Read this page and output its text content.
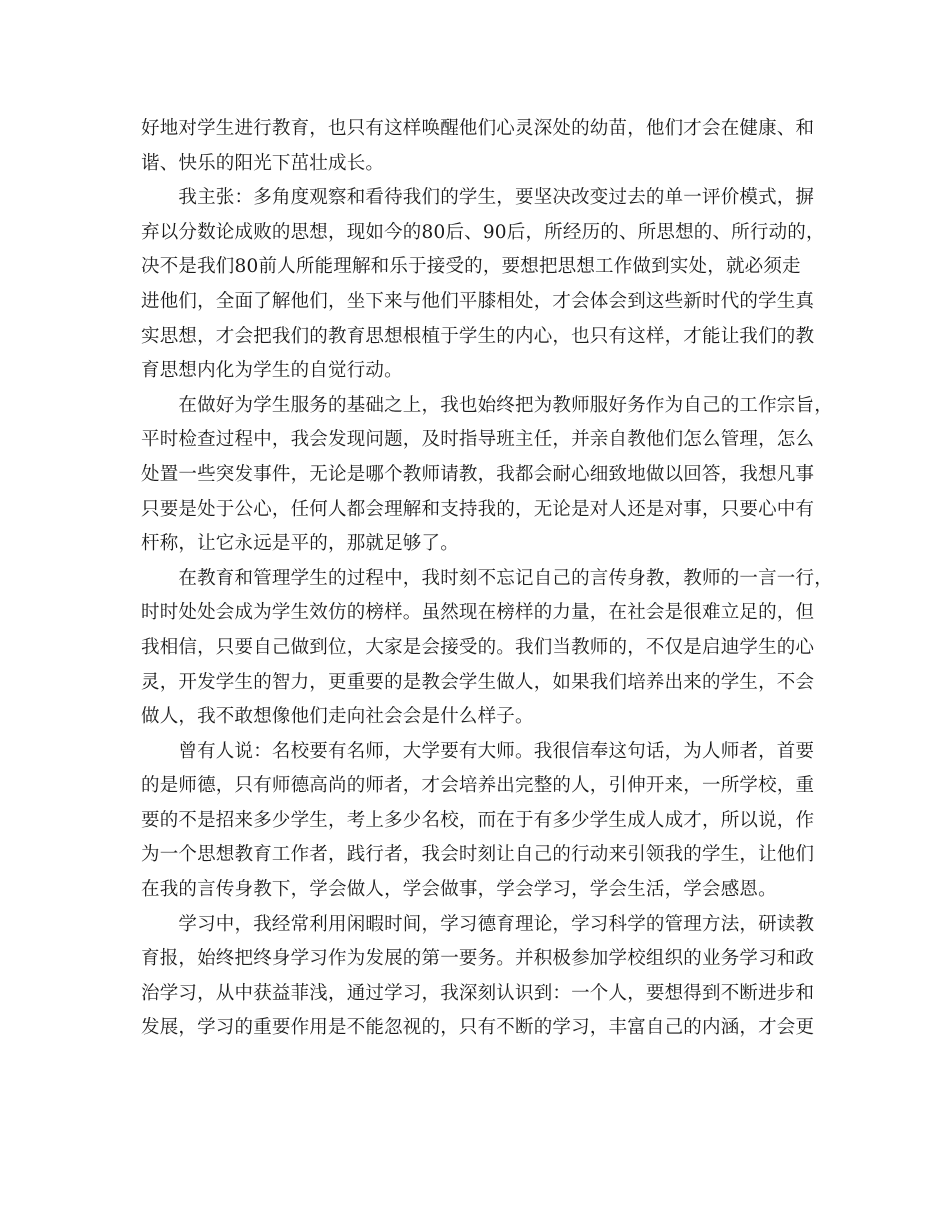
好地对学生进行教育，也只有这样唤醒他们心灵深处的幼苗，他们才会在健康、和
谐、快乐的阳光下茁壮成长。
　　我主张：多角度观察和看待我们的学生，要坚决改变过去的单一评价模式，摒
弃以分数论成败的思想，现如今的80后、90后，所经历的、所思想的、所行动的，
决不是我们80前人所能理解和乐于接受的，要想把思想工作做到实处，就必须走
进他们，全面了解他们，坐下来与他们平膝相处，才会体会到这些新时代的学生真
实思想，才会把我们的教育思想根植于学生的内心，也只有这样，才能让我们的教
育思想内化为学生的自觉行动。
　　在做好为学生服务的基础之上，我也始终把为教师服好务作为自己的工作宗旨，
平时检查过程中，我会发现问题，及时指导班主任，并亲自教他们怎么管理，怎么
处置一些突发事件，无论是哪个教师请教，我都会耐心细致地做以回答，我想凡事
只要是处于公心，任何人都会理解和支持我的，无论是对人还是对事，只要心中有
杆称，让它永远是平的，那就足够了。
　　在教育和管理学生的过程中，我时刻不忘记自己的言传身教，教师的一言一行，
时时处处会成为学生效仿的榜样。虽然现在榜样的力量，在社会是很难立足的，但
我相信，只要自己做到位，大家是会接受的。我们当教师的，不仅是启迪学生的心
灵，开发学生的智力，更重要的是教会学生做人，如果我们培养出来的学生，不会
做人，我不敢想像他们走向社会会是什么样子。
　　曾有人说：名校要有名师，大学要有大师。我很信奉这句话，为人师者，首要
的是师德，只有师德高尚的师者，才会培养出完整的人，引伸开来，一所学校，重
要的不是招来多少学生，考上多少名校，而在于有多少学生成人成才，所以说，作
为一个思想教育工作者，践行者，我会时刻让自己的行动来引领我的学生，让他们
在我的言传身教下，学会做人，学会做事，学会学习，学会生活，学会感恩。
　　学习中，我经常利用闲暇时间，学习德育理论，学习科学的管理方法，研读教
育报，始终把终身学习作为发展的第一要务。并积极参加学校组织的业务学习和政
治学习，从中获益菲浅，通过学习，我深刻认识到：一个人，要想得到不断进步和
发展，学习的重要作用是不能忽视的，只有不断的学习，丰富自己的内涵，才会更
